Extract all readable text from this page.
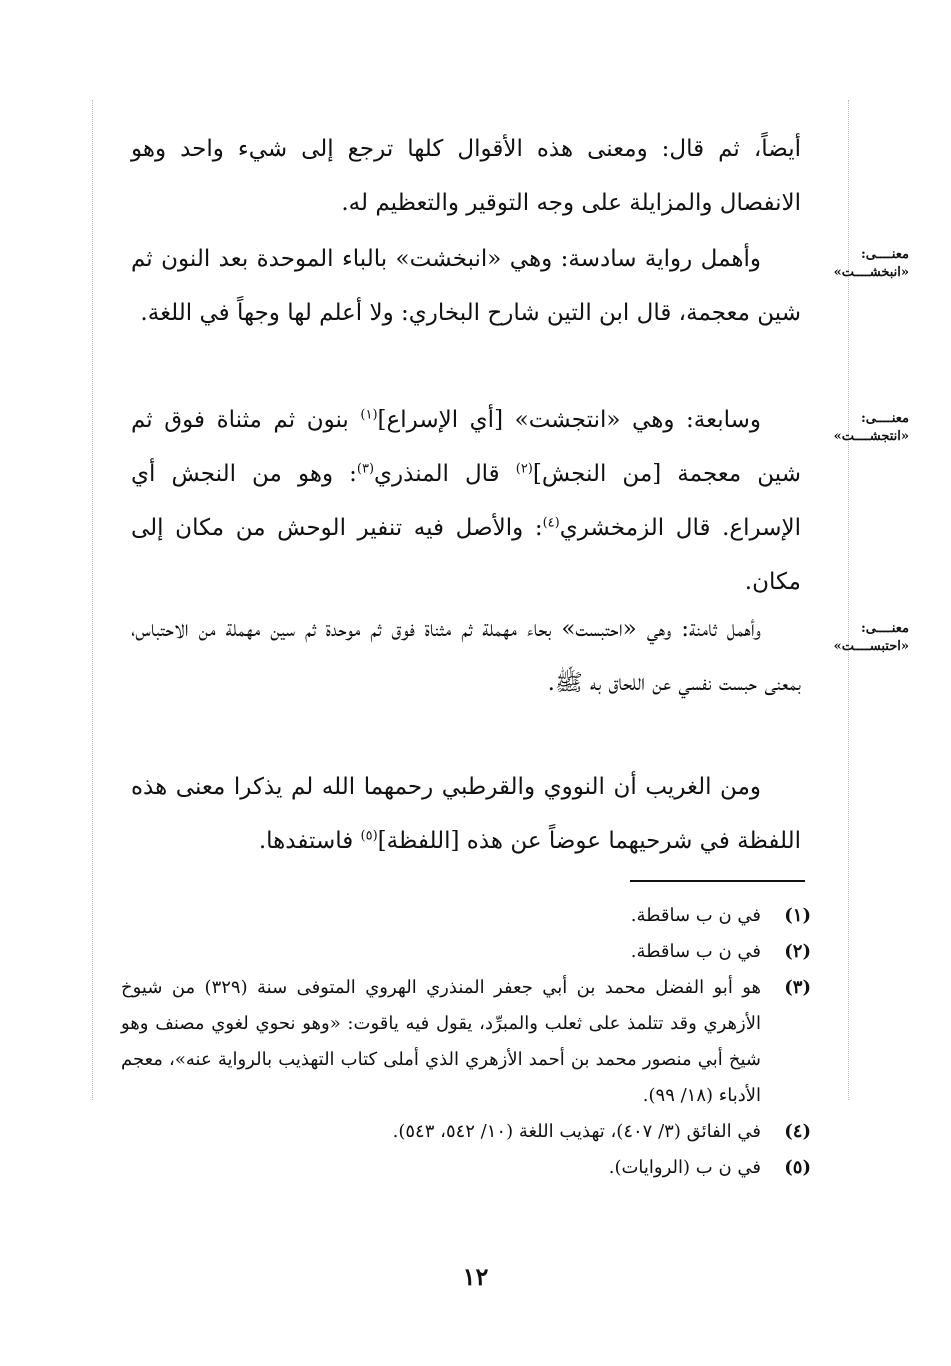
أيضاً، ثم قال: ومعنى هذه الأقوال كلها ترجع إلى شيء واحد وهو الانفصال والمزايلة على وجه التوقير والتعظيم له.

وأهمل رواية سادسة: وهي «انبخشت» بالباء الموحدة بعد النون ثم شين معجمة، قال ابن التين شارح البخاري: ولا أعلم لها وجهاً في اللغة.

معنــــى:
«انبخشــــت»

وسابعة: وهي «انتجشت» [أي الإسراع]$^{(١)}$ بنون ثم مثناة فوق ثم شين معجمة [من النجش]$^{(٢)}$ قال المنذري$^{(٣)}$: وهو من النجش أي الإسراع. قال الزمخشري$^{(٤)}$: والأصل فيه تنفير الوحش من مكان إلى مكان.

معنــــى:
«انتجشــــت»

وأهمل ثامنة: وهي «احتبست» بحاء مهملة ثم مثناة فوق ثم موحدة ثم سين مهملة من الاحتباس، بمعنى حبست نفسي عن اللحاق به ﷺ.

معنــــى:
«احتبســــت»

ومن الغريب أن النووي والقرطبي رحمهما الله لم يذكرا معنى هذه اللفظة في شرحيهما عوضاً عن هذه [اللفظة]$^{(٥)}$ فاستفدها.

(١)
في ن ب ساقطة.
(٢)
في ن ب ساقطة.
(٣)
هو أبو الفضل محمد بن أبي جعفر المنذري الهروي المتوفى سنة (٣٢٩) من شيوخ الأزهري وقد تتلمذ على ثعلب والمبرِّد، يقول فيه ياقوت: «وهو نحوي لغوي مصنف وهو شيخ أبي منصور محمد بن أحمد الأزهري الذي أملى كتاب التهذيب بالرواية عنه»، معجم الأدباء (١٨/ ٩٩).
(٤)
في الفائق (٣/ ٤٠٧)، تهذيب اللغة (١٠/ ٥٤٢، ٥٤٣).
(٥)
في ن ب (الروايات).
١٢
